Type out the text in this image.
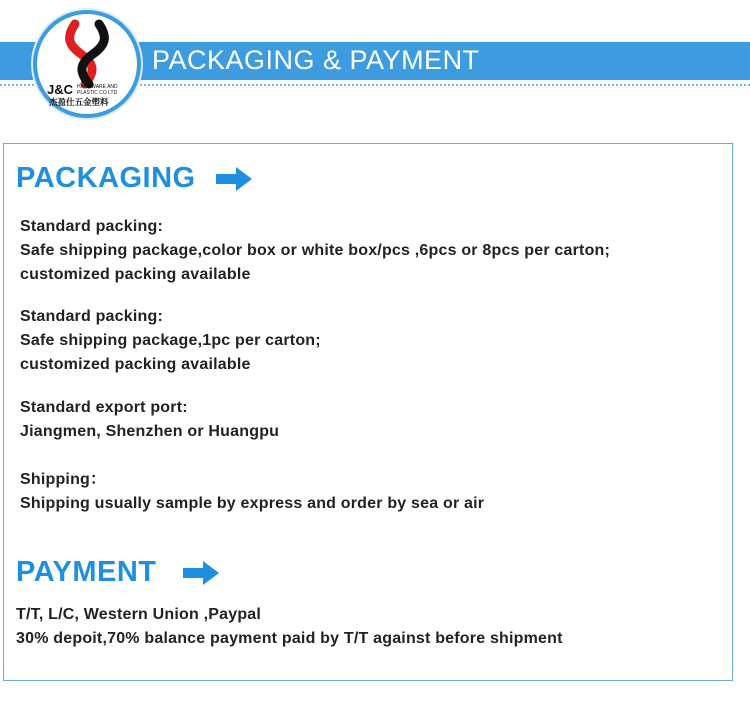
PACKAGING & PAYMENT
J&C HARDWARE AND
PLASTIC CO LTD
杰盈仕五金塑料
PACKAGING
Standard packing:
Safe shipping package,color box or white box/pcs ,6pcs or 8pcs per carton;
customized packing available
Standard packing:
Safe shipping package,1pc per carton;
customized packing available
Standard export port:
Jiangmen, Shenzhen or Huangpu
Shipping：
Shipping usually sample by express and order by sea or air
PAYMENT
T/T, L/C, Western Union ,Paypal
30% depoit,70% balance payment paid by T/T against before shipment
